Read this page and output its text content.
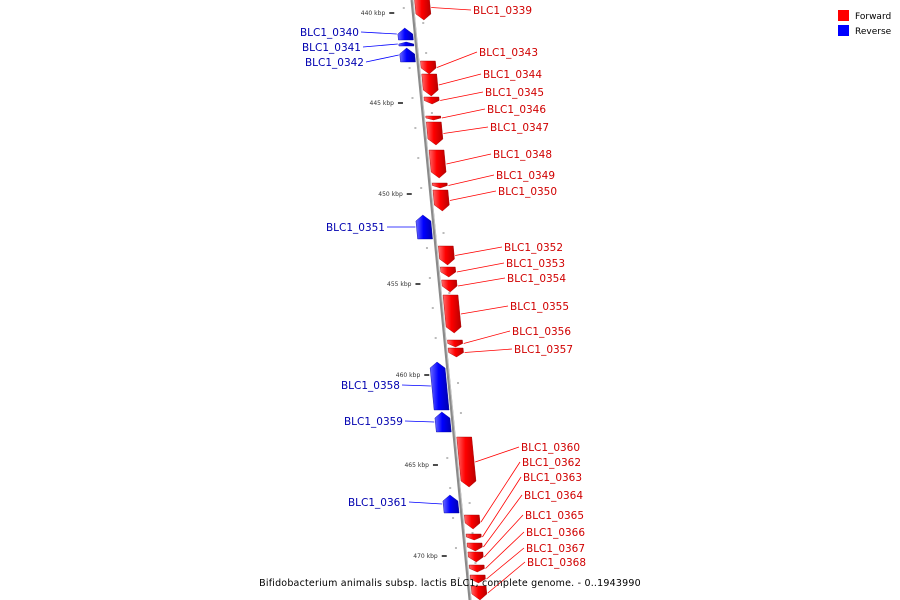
440 kbp
445 kbp
450 kbp
455 kbp
460 kbp
465 kbp
470 kbp
BLC1_0339
BLC1_0340
BLC1_0341
BLC1_0342
BLC1_0343
BLC1_0344
BLC1_0345
BLC1_0346
BLC1_0347
BLC1_0348
BLC1_0349
BLC1_0350
BLC1_0351
BLC1_0352
BLC1_0353
BLC1_0354
BLC1_0355
BLC1_0356
BLC1_0357
BLC1_0358
BLC1_0359
BLC1_0360
BLC1_0361
BLC1_0362
BLC1_0363
BLC1_0364
BLC1_0365
BLC1_0366
BLC1_0367
BLC1_0368
Forward
Reverse
Bifidobacterium animalis subsp. lactis BLC1, complete genome. - 0..1943990
